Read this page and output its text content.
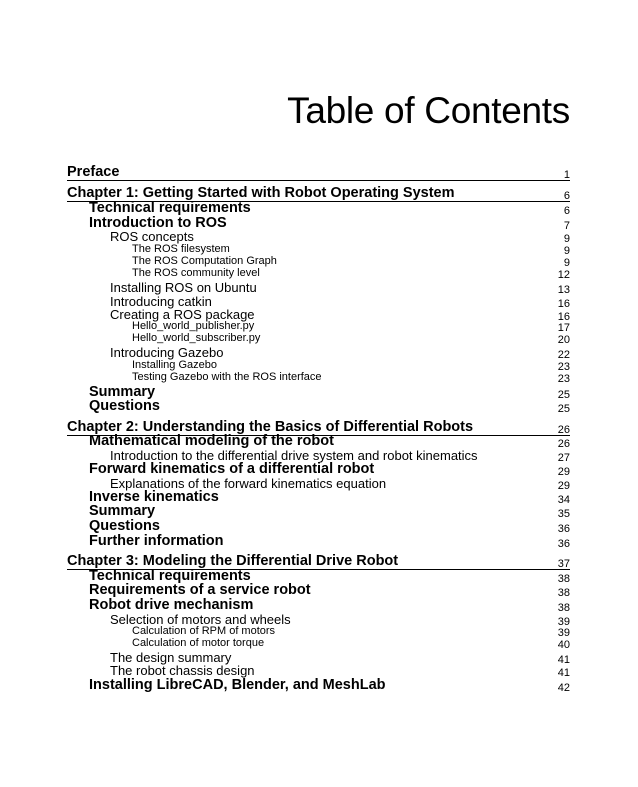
Table of Contents
Preface	1
Chapter 1: Getting Started with Robot Operating System	6
Technical requirements	6
Introduction to ROS	7
ROS concepts	9
The ROS filesystem	9
The ROS Computation Graph	9
The ROS community level	12
Installing ROS on Ubuntu	13
Introducing catkin	16
Creating a ROS package	16
Hello_world_publisher.py	17
Hello_world_subscriber.py	20
Introducing Gazebo	22
Installing Gazebo	23
Testing Gazebo with the ROS interface	23
Summary	25
Questions	25
Chapter 2: Understanding the Basics of Differential Robots	26
Mathematical modeling of the robot	26
Introduction to the differential drive system and robot kinematics	27
Forward kinematics of a differential robot	29
Explanations of the forward kinematics equation	29
Inverse kinematics	34
Summary	35
Questions	36
Further information	36
Chapter 3: Modeling the Differential Drive Robot	37
Technical requirements	38
Requirements of a service robot	38
Robot drive mechanism	38
Selection of motors and wheels	39
Calculation of RPM of motors	39
Calculation of motor torque	40
The design summary	41
The robot chassis design	41
Installing LibreCAD, Blender, and MeshLab	42
